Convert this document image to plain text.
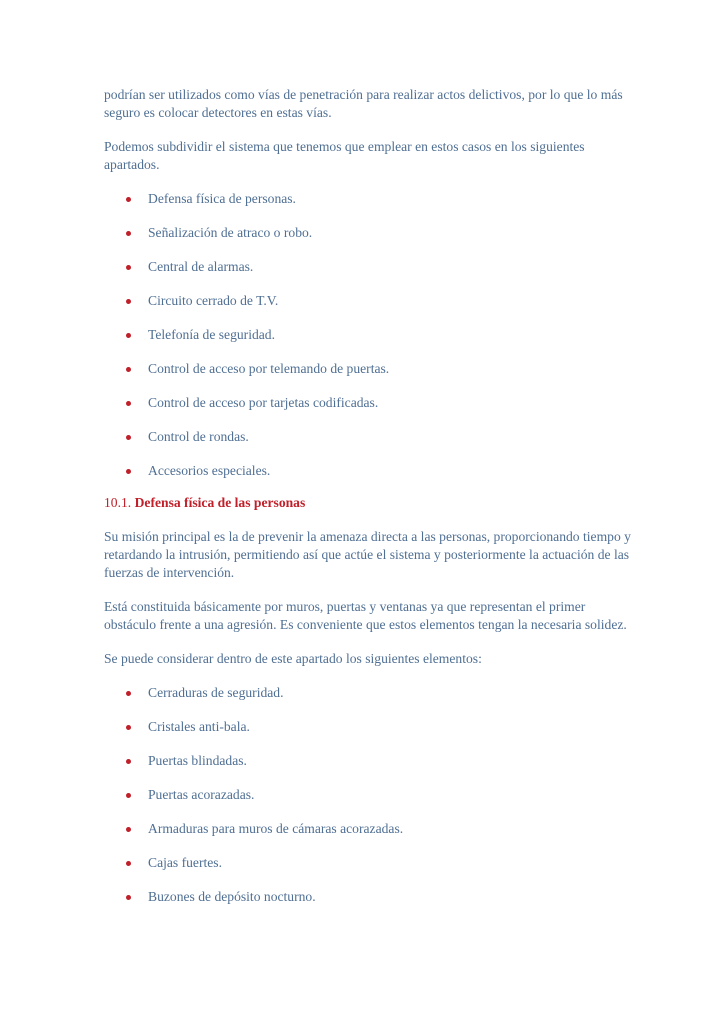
podrían ser utilizados como vías de penetración para realizar actos delictivos, por lo que lo más seguro es colocar detectores en estas vías.

Podemos subdividir el sistema que tenemos que emplear en estos casos en los siguientes apartados.

Defensa física de personas.
Señalización de atraco o robo.
Central de alarmas.
Circuito cerrado de T.V.
Telefonía de seguridad.
Control de acceso por telemando de puertas.
Control de acceso por tarjetas codificadas.
Control de rondas.
Accesorios especiales.

10.1. Defensa física de las personas

Su misión principal es la de prevenir la amenaza directa a las personas, proporcionando tiempo y retardando la intrusión, permitiendo así que actúe el sistema y posteriormente la actuación de las fuerzas de intervención.

Está constituida básicamente por muros, puertas y ventanas ya que representan el primer obstáculo frente a una agresión. Es conveniente que estos elementos tengan la necesaria solidez.

Se puede considerar dentro de este apartado los siguientes elementos:

Cerraduras de seguridad.
Cristales anti-bala.
Puertas blindadas.
Puertas acorazadas.
Armaduras para muros de cámaras acorazadas.
Cajas fuertes.
Buzones de depósito nocturno.
